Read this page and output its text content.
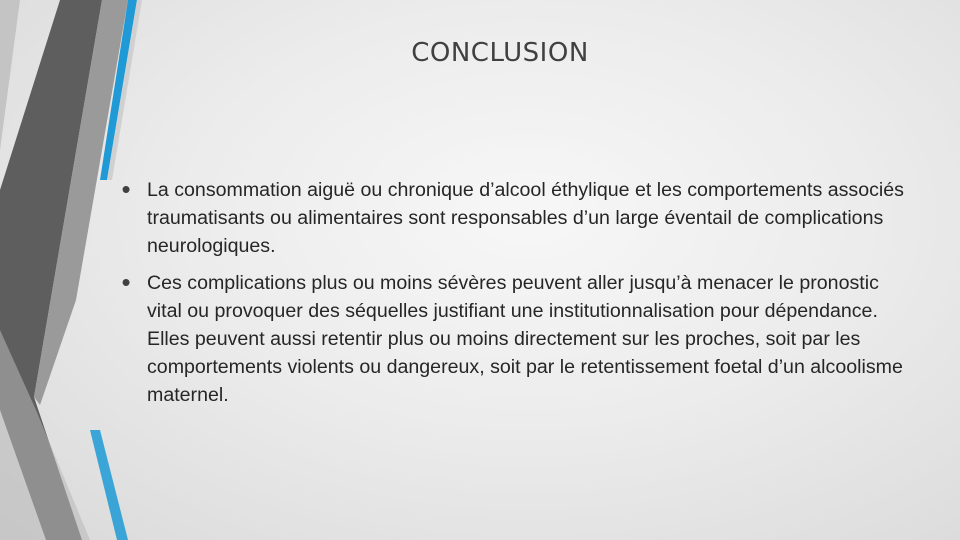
CONCLUSION
• La consommation aiguë ou chronique d’alcool éthylique et les comportements associés traumatisants ou alimentaires sont responsables d’un large éventail de complications neurologiques.
• Ces complications plus ou moins sévères peuvent aller jusqu’à menacer le pronostic vital ou provoquer des séquelles justifiant une institutionnalisation pour dépendance. Elles peuvent aussi retentir plus ou moins directement sur les proches, soit par les comportements violents ou dangereux, soit par le retentissement foetal d’un alcoolisme maternel.
